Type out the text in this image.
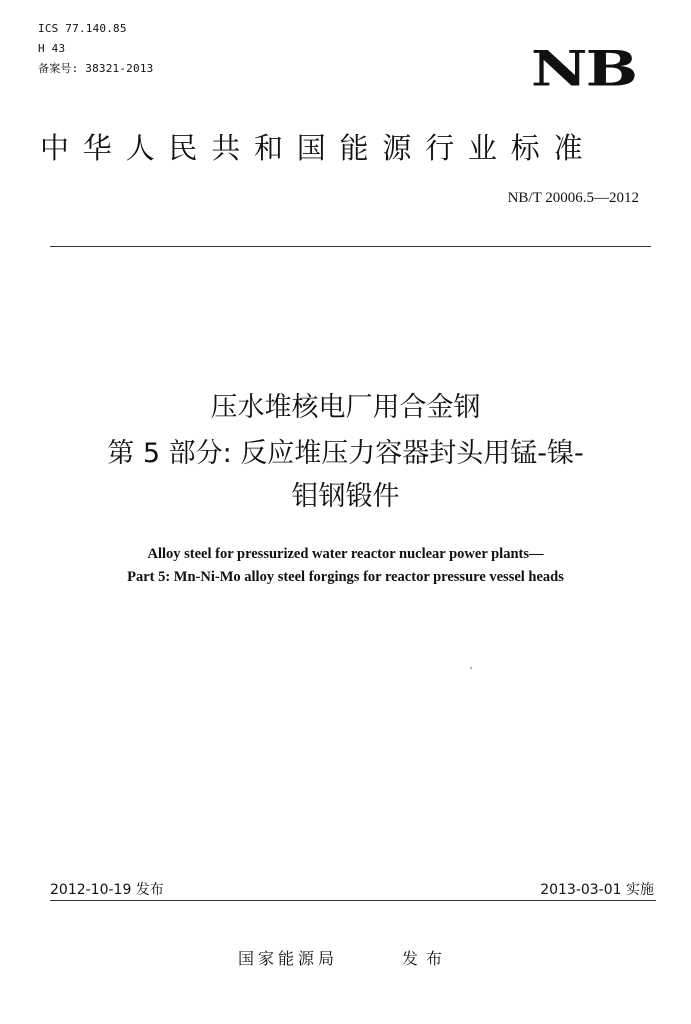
ICS 77.140.85
H 43
备案号: 38321-2013	NB
中华人民共和国能源行业标准
NB/T 20006.5—2012
压水堆核电厂用合金钢
第 5 部分: 反应堆压力容器封头用锰-镍-
钼钢锻件
Alloy steel for pressurized water reactor nuclear power plants—
Part 5: Mn-Ni-Mo alloy steel forgings for reactor pressure vessel heads
2012-10-19 发布	2013-03-01 实施
国家能源局	发布
